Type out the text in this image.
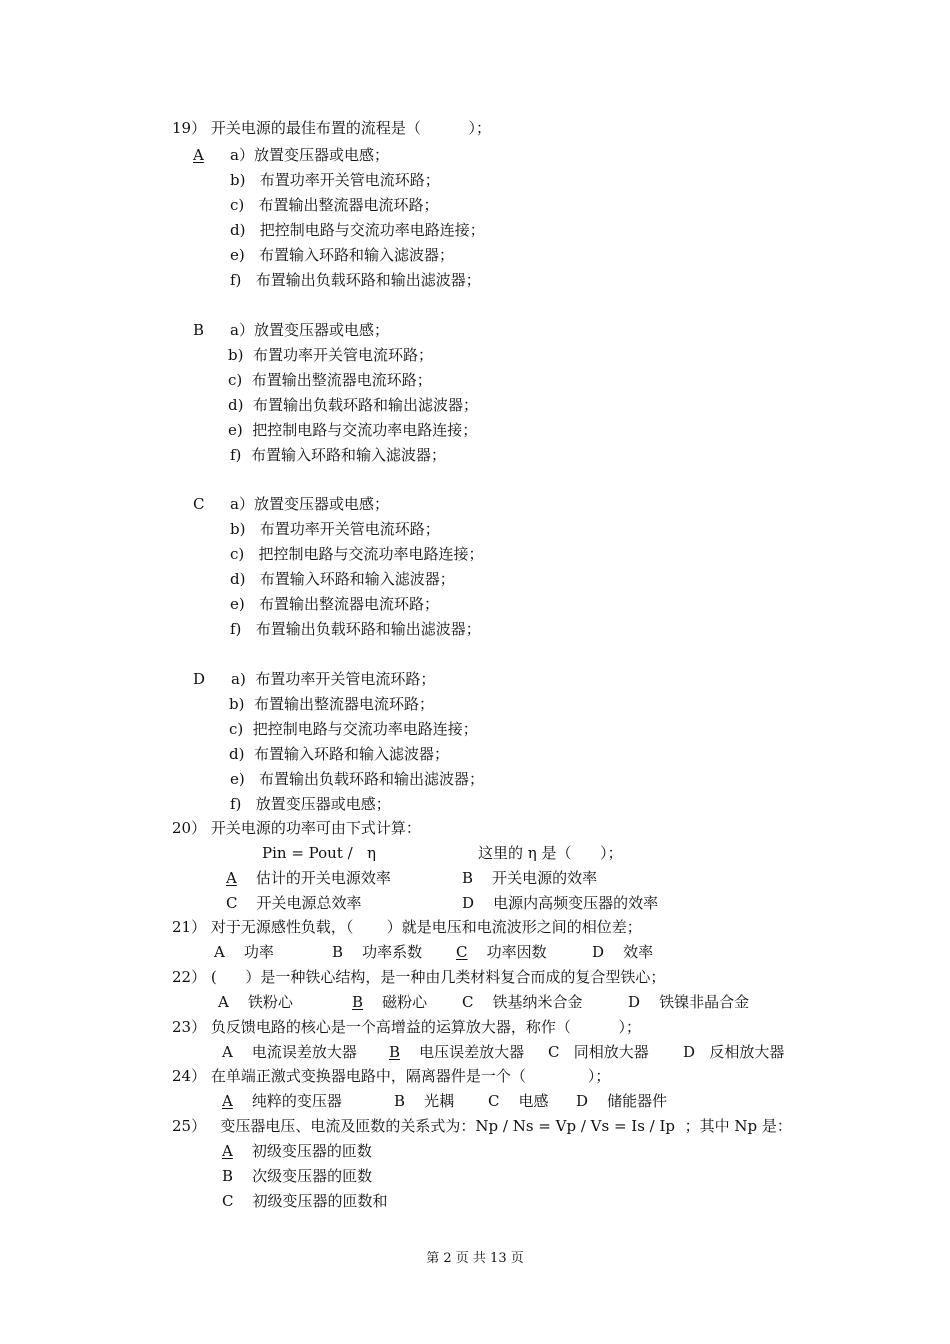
19） 开关电源的最佳布置的流程是（          ）；
A a）放置变压器或电感；
b)   布置功率开关管电流环路；
c)   布置输出整流器电流环路；
d)   把控制电路与交流功率电路连接；
e)   布置输入环路和输入滤波器；
f)   布置输出负载环路和输出滤波器；
B a）放置变压器或电感；
b)  布置功率开关管电流环路；
c)  布置输出整流器电流环路；
d)  布置输出负载环路和输出滤波器；
e)  把控制电路与交流功率电路连接；
f)  布置输入环路和输入滤波器；
C a）放置变压器或电感；
b)   布置功率开关管电流环路；
c)   把控制电路与交流功率电路连接；
d)   布置输入环路和输入滤波器；
e)   布置输出整流器电流环路；
f)   布置输出负载环路和输出滤波器；
D a)  布置功率开关管电流环路；
b)  布置输出整流器电流环路；
c)  把控制电路与交流功率电路连接；
d)  布置输入环路和输入滤波器；
e)   布置输出负载环路和输出滤波器；
f)   放置变压器或电感；
20） 开关电源的功率可由下式计算：
Pin = Pout /   η	这里的 η 是（      ）；
A 估计的开关电源效率	B    开关电源的效率
C    开关电源总效率	D    电源内高频变压器的效率
21） 对于无源感性负载，（       ）就是电压和电流波形之间的相位差；
A    功率	B    功率系数 C 功率因数	D    效率
22） (      ）是一种铁心结构，是一种由几类材料复合而成的复合型铁心；
A    铁粉心	B 磁粉心 C    铁基纳米合金	D    铁镍非晶合金
23） 负反馈电路的核心是一个高增益的运算放大器，称作（          ）；
A    电流误差放大器 B 电压误差放大器 C   同相放大器 D   反相放大器
24） 在单端正激式变换器电路中，隔离器件是一个（             ）；
A 纯粹的变压器	B    光耦 C    电感 D    储能器件
25）   变压器电压、电流及匝数的关系式为：Np / Ns = Vp / Vs = Is / Ip  ；其中 Np 是：
A 初级变压器的匝数
B    次级变压器的匝数
C    初级变压器的匝数和
第 2 页 共 13 页
